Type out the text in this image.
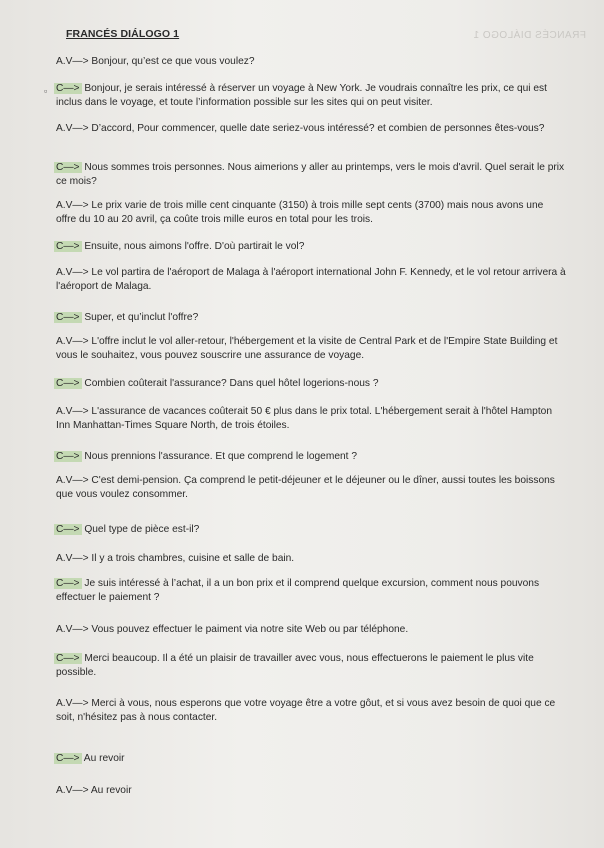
FRANCÉS DIÁLOGO 1	FRANCÉS DIÁLOGO 1
▫
A.V—> Bonjour, qu’est ce que vous voulez?
C—> Bonjour, je serais intéressé à réserver un voyage à New York. Je voudrais connaître les prix, ce qui est inclus dans le voyage, et toute l’information possible sur les sites qui on peut visiter.
A.V—> D’accord, Pour commencer, quelle date seriez-vous intéressé? et combien de personnes êtes-vous?
C—> Nous sommes trois personnes. Nous aimerions y aller au printemps, vers le mois d'avril. Quel serait le prix ce mois?
A.V—> Le prix varie de trois mille cent cinquante (3150) à trois mille sept cents (3700) mais nous avons une offre du 10 au 20 avril, ça coûte trois mille euros en total pour les trois.
C—> Ensuite, nous aimons l'offre. D'où partirait le vol?
A.V—> Le vol partira de l'aéroport de Malaga à l'aéroport international John F. Kennedy, et le vol retour arrivera à l'aéroport de Malaga.
C—> Super, et qu’inclut l'offre?
A.V—> L'offre inclut le vol aller-retour, l'hébergement et la visite de Central Park et de l'Empire State Building et vous le souhaitez, vous pouvez souscrire une assurance de voyage.
C—> Combien coûterait l'assurance? Dans quel hôtel logerions-nous ?
A.V—> L'assurance de vacances coûterait 50 € plus dans le prix total. L'hébergement serait à l'hôtel Hampton Inn Manhattan-Times Square North, de trois étoiles.
C—> Nous prennions l'assurance. Et que comprend le logement ?
A.V—> C'est demi-pension. Ça comprend le petit-déjeuner et le déjeuner ou le dîner, aussi toutes les boissons que vous voulez consommer.
C—> Quel type de pièce est-il?
A.V—> Il y a trois chambres, cuisine et salle de bain.
C—> Je suis intéressé à l’achat, il a un bon prix et il comprend quelque excursion, comment nous pouvons effectuer le paiement ?
A.V—> Vous pouvez effectuer le paiment via notre site Web ou par téléphone.
C—> Merci beaucoup. Il a été un plaisir de travailler avec vous, nous effectuerons le paiement le plus vite possible.
A.V—> Merci à vous, nous esperons que votre voyage être a votre gôut, et si vous avez besoin de quoi que ce soit, n'hésitez pas à nous contacter.
C—> Au revoir
A.V—> Au revoir
